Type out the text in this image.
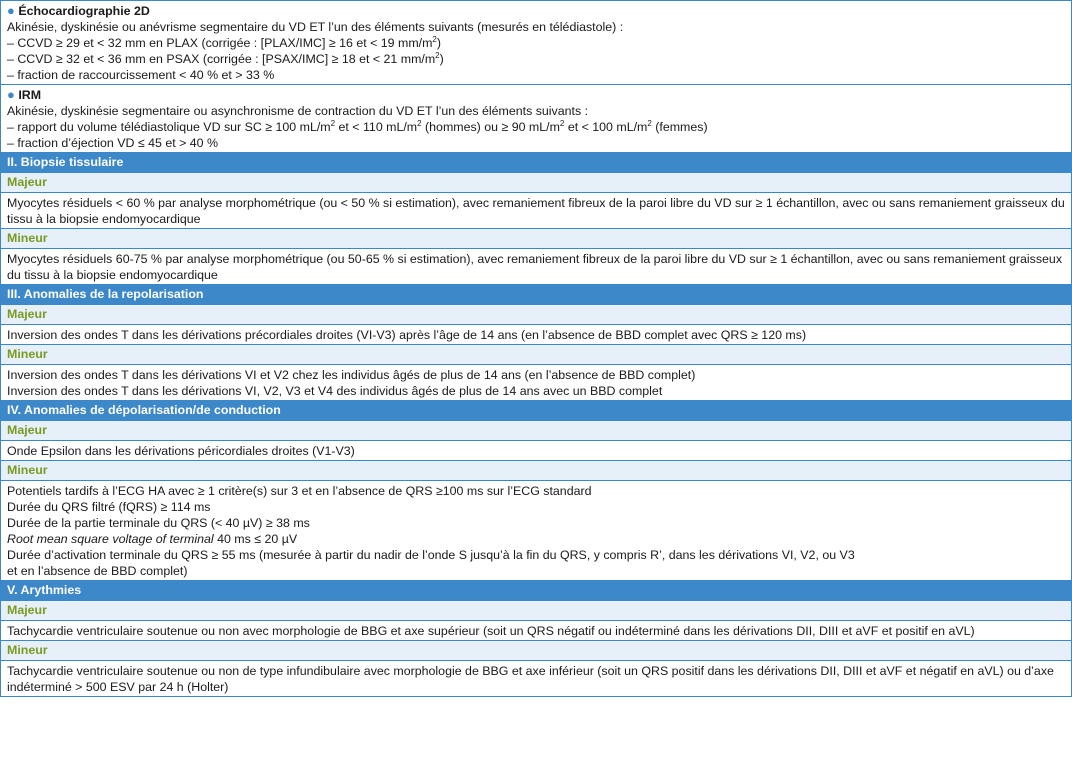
● Échocardiographie 2D
Akinésie, dyskinésie ou anévrisme segmentaire du VD ET l’un des éléments suivants (mesurés en télédiastole) :
– CCVD ≥ 29 et < 32 mm en PLAX (corrigée : [PLAX/IMC] ≥ 16 et < 19 $mm/m^2$)
– CCVD ≥ 32 et < 36 mm en PSAX (corrigée : [PSAX/IMC] ≥ 18 et < 21 $mm/m^2$)
– fraction de raccourcissement < 40 % et > 33 %
● IRM
Akinésie, dyskinésie segmentaire ou asynchronisme de contraction du VD ET l’un des éléments suivants :
– rapport du volume télédiastolique VD sur SC ≥ 100 $mL/m^2$ et < 110 $mL/m^2$ (hommes) ou ≥ 90 $mL/m^2$ et < 100 $mL/m^2$ (femmes)
– fraction d’éjection VD ≤ 45 et > 40 %
II. Biopsie tissulaire
Majeur
Myocytes résiduels < 60 % par analyse morphométrique (ou < 50 % si estimation), avec remaniement fibreux de la paroi libre du VD sur ≥ 1 échantillon, avec ou sans remaniement graisseux du tissu à la biopsie endomyocardique
Mineur
Myocytes résiduels 60-75 % par analyse morphométrique (ou 50-65 % si estimation), avec remaniement fibreux de la paroi libre du VD sur ≥ 1 échantillon, avec ou sans remaniement graisseux du tissu à la biopsie endomyocardique
III. Anomalies de la repolarisation
Majeur
Inversion des ondes T dans les dérivations précordiales droites (VI-V3) après l’âge de 14 ans (en l’absence de BBD complet avec QRS ≥ 120 ms)
Mineur
Inversion des ondes T dans les dérivations VI et V2 chez les individus âgés de plus de 14 ans (en l’absence de BBD complet)
Inversion des ondes T dans les dérivations VI, V2, V3 et V4 des individus âgés de plus de 14 ans avec un BBD complet
IV. Anomalies de dépolarisation/de conduction
Majeur
Onde Epsilon dans les dérivations péricordiales droites (V1-V3)
Mineur
Potentiels tardifs à l’ECG HA avec ≥ 1 critère(s) sur 3 et en l’absence de QRS ≥100 ms sur l’ECG standard
Durée du QRS filtré (fQRS) ≥ 114 ms
Durée de la partie terminale du QRS (< 40 µV) ≥ 38 ms
Root mean square voltage of terminal 40 ms ≤ 20 µV
Durée d’activation terminale du QRS ≥ 55 ms (mesurée à partir du nadir de l’onde S jusqu’à la fin du QRS, y compris R’, dans les dérivations VI, V2, ou V3
et en l’absence de BBD complet)
V. Arythmies
Majeur
Tachycardie ventriculaire soutenue ou non avec morphologie de BBG et axe supérieur (soit un QRS négatif ou indéterminé dans les dérivations DII, DIII et aVF et positif en aVL)
Mineur
Tachycardie ventriculaire soutenue ou non de type infundibulaire avec morphologie de BBG et axe inférieur (soit un QRS positif dans les dérivations DII, DIII et aVF et négatif en aVL) ou d’axe indéterminé > 500 ESV par 24 h (Holter)
